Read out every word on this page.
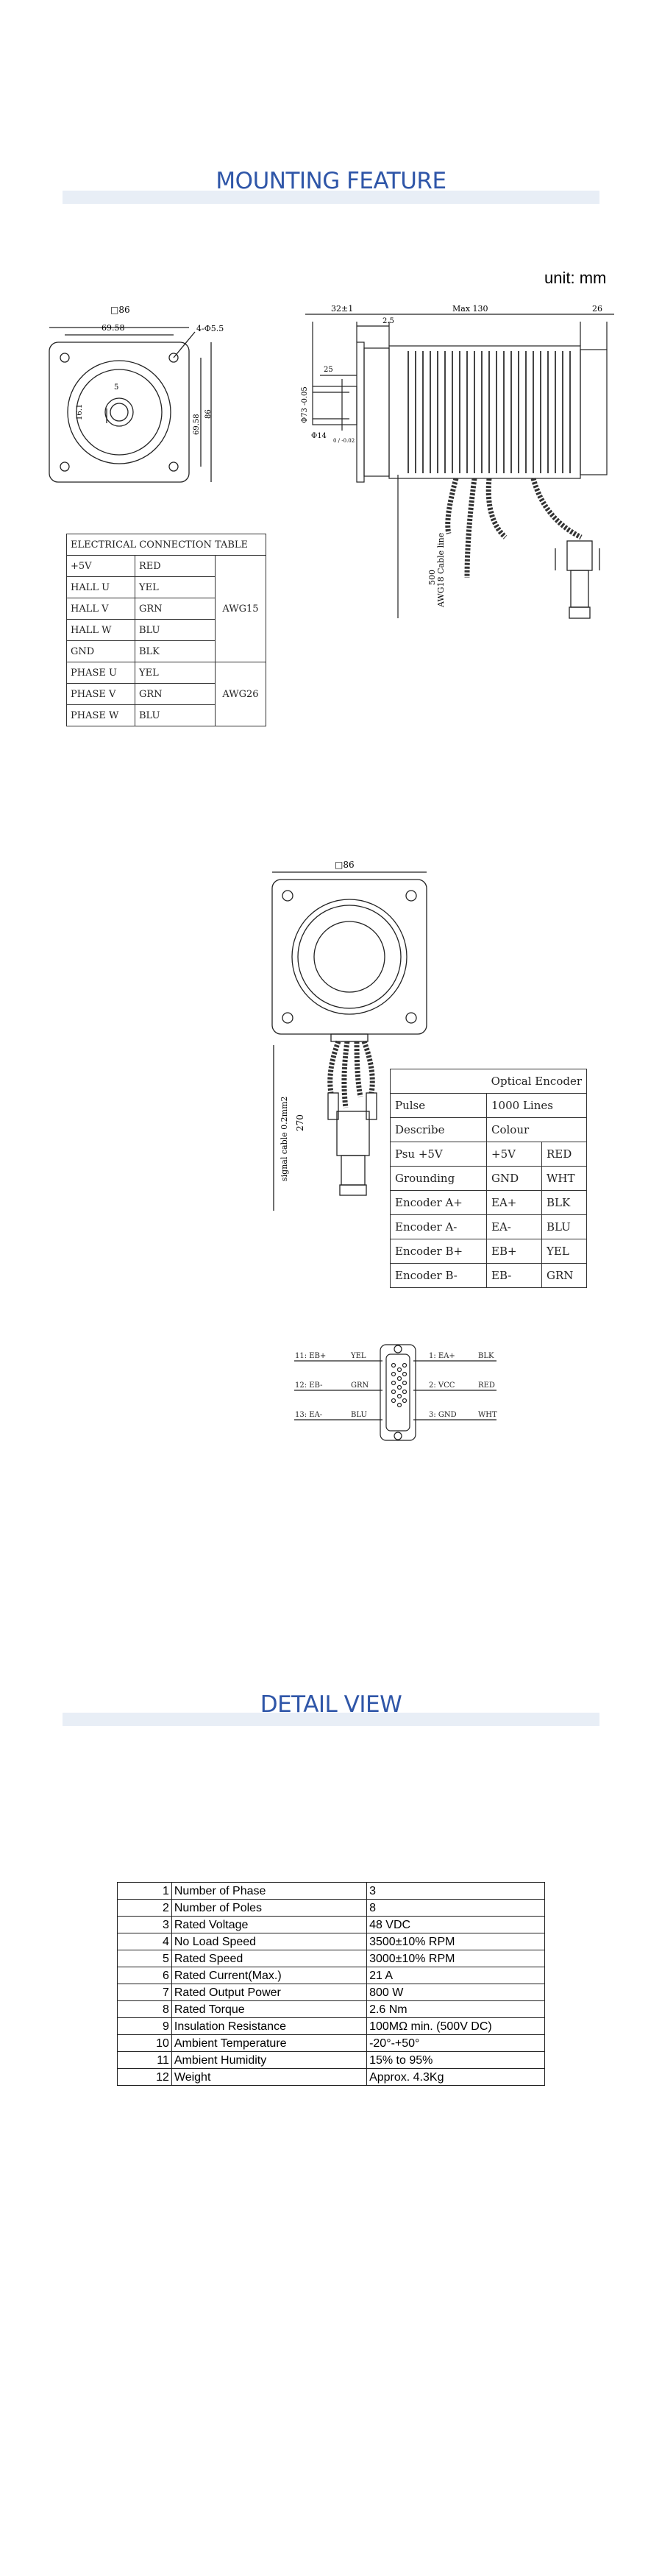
MOUNTING FEATURE
unit: mm
□86
69.58	4-Φ5.5
5
16.1
69.58 86
32±1	Max 130	26
2.5
25
Φ73 -0.05
Φ14
0 / -0.02
500 AWG18 Cable line
ELECTRICAL CONNECTION TABLE		
+5V	RED	AWG15
HALL U	YEL	
HALL V	GRN	
HALL W	BLU	
GND	BLK	
PHASE U	YEL	AWG26
PHASE V	GRN	
PHASE W	BLU	
□86
270
signal cable 0.2mm2
Optical Encoder		
Pulse	1000 Lines	
Describe	Colour	
Psu +5V	+5V	RED
Grounding	GND	WHT
Encoder A+	EA+	BLK
Encoder A-	EA-	BLU
Encoder B+	EB+	YEL
Encoder B-	EB-	GRN
11: EB+	YEL
12: EB-	GRN
13: EA-	BLU
1: EA+	BLK
2: VCC	RED
3: GND	WHT
DETAIL VIEW
1	Number of Phase	3
2	Number of Poles	8
3	Rated Voltage	48 VDC
4	No Load Speed	3500±10% RPM
5	Rated Speed	3000±10% RPM
6	Rated Current(Max.)	21 A
7	Rated Output Power	800 W
8	Rated Torque	2.6 Nm
9	Insulation Resistance	100MΩ min. (500V DC)
10	Ambient Temperature	-20°-+50°
11	Ambient Humidity	15% to 95%
12	Weight	Approx. 4.3Kg
